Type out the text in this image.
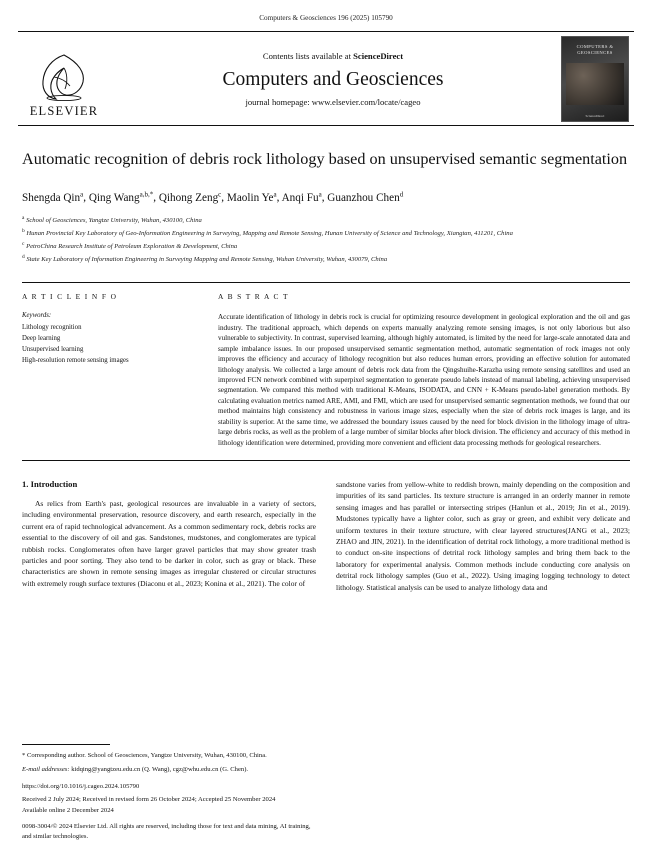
Computers & Geosciences 196 (2025) 105790
ELSEVIER
Contents lists available at ScienceDirect
Computers and Geosciences
journal homepage: www.elsevier.com/locate/cageo
COMPUTERS &
GEOSCIENCES
ScienceDirect
Automatic recognition of debris rock lithology based on unsupervised semantic segmentation
Shengda Qin$^a$, Qing Wang$^{a,b,*}$, Qihong Zeng$^c$, Maolin Ye$^a$, Anqi Fu$^a$, Guanzhou Chen$^d$
$^a$ School of Geosciences, Yangtze University, Wuhan, 430100, China
$^b$ Hunan Provincial Key Laboratory of Geo-Information Engineering in Surveying, Mapping and Remote Sensing, Hunan University of Science and Technology, Xiangtan, 411201, China
$^c$ PetroChina Research Institute of Petroleum Exploration & Development, China
$^d$ State Key Laboratory of Information Engineering in Surveying Mapping and Remote Sensing, Wuhan University, Wuhan, 430079, China
A R T I C L E I N F O
Keywords:
Lithology recognition
Deep learning
Unsupervised learning
High-resolution remote sensing images
A B S T R A C T
Accurate identification of lithology in debris rock is crucial for optimizing resource development in geological exploration and the oil and gas industry. The traditional approach, which depends on experts manually analyzing remote sensing images, is not only laborious but also vulnerable to subjectivity. In contrast, supervised learning, although highly automated, is limited by the need for large-scale annotated data and sample imbalance issues. In our proposed unsupervised semantic segmentation method, automatic segmentation of rock images not only improves the efficiency and accuracy of lithology recognition but also reduces human errors, providing an effective solution for automated lithology analysis. We collected a large amount of debris rock data from the Qingshuihe-Karazha using remote sensing satellites and used an improved FCN network combined with superpixel segmentation to generate pseudo labels instead of manual labeling, achieving unsupervised segmentation. We compared this method with traditional K-Means, ISODATA, and CNN + K-Means pseudo-label generation methods. By calculating evaluation metrics named ARE, AMI, and FMI, which are used for unsupervised semantic segmentation methods, we found that our method maintains high consistency and robustness in various image sizes, especially when the size of debris rock images is large, and its stability is superior. At the same time, we addressed the boundary issues caused by the need for block division in the lithology image of ultra-large debris rocks, as well as the problem of a large number of similar blocks after block division. The efficiency and accuracy of this method in lithology identification were determined, providing more convenient and efficient data processing methods for geological researchers.
1. Introduction
As relics from Earth's past, geological resources are invaluable in a variety of sectors, including environmental preservation, resource discovery, and earth research, especially in the current era of rapid technological advancement. As a common sedimentary rock, debris rocks are essential to the discovery of oil and gas. Sandstones, mudstones, and conglomerates are typical rubbish rocks. Conglomerates often have larger gravel particles that may show greater trash particles and poor sorting. They also tend to be darker in color, such as gray or black. These characteristics are shown in remote sensing images as irregular clustered or circular structures with extremely rough surface textures (Diaconu et al., 2023; Konina et al., 2021). The color of
sandstone varies from yellow-white to reddish brown, mainly depending on the composition and impurities of its sand particles. Its texture structure is arranged in an orderly manner in remote sensing images and has parallel or intersecting stripes (Hanlun et al., 2019; Jin et al., 2019). Mudstones typically have a lighter color, such as gray or green, and exhibit very delicate and uniform textures in their texture structure, with clear layered structures(JANG et al., 2023; ZHAO and JIN, 2021). In the identification of detrital rock lithology, a more traditional method is to conduct on-site inspections of detrital rock lithology samples and bring them back to the laboratory for experimental analysis. Common methods include conducting core analysis on detrital rock lithology samples (Guo et al., 2022). Using imaging logging technology to detect lithology. Statistical analysis can be used to analyze lithology data and
* Corresponding author. School of Geosciences, Yangtze University, Wuhan, 430100, China.
E-mail addresses: kidqing@yangtzeu.edu.cn (Q. Wang), cgz@whu.edu.cn (G. Chen).
https://doi.org/10.1016/j.cageo.2024.105790
Received 2 July 2024; Received in revised form 26 October 2024; Accepted 25 November 2024
Available online 2 December 2024
0098-3004/© 2024 Elsevier Ltd. All rights are reserved, including those for text and data mining, AI training, and similar technologies.
